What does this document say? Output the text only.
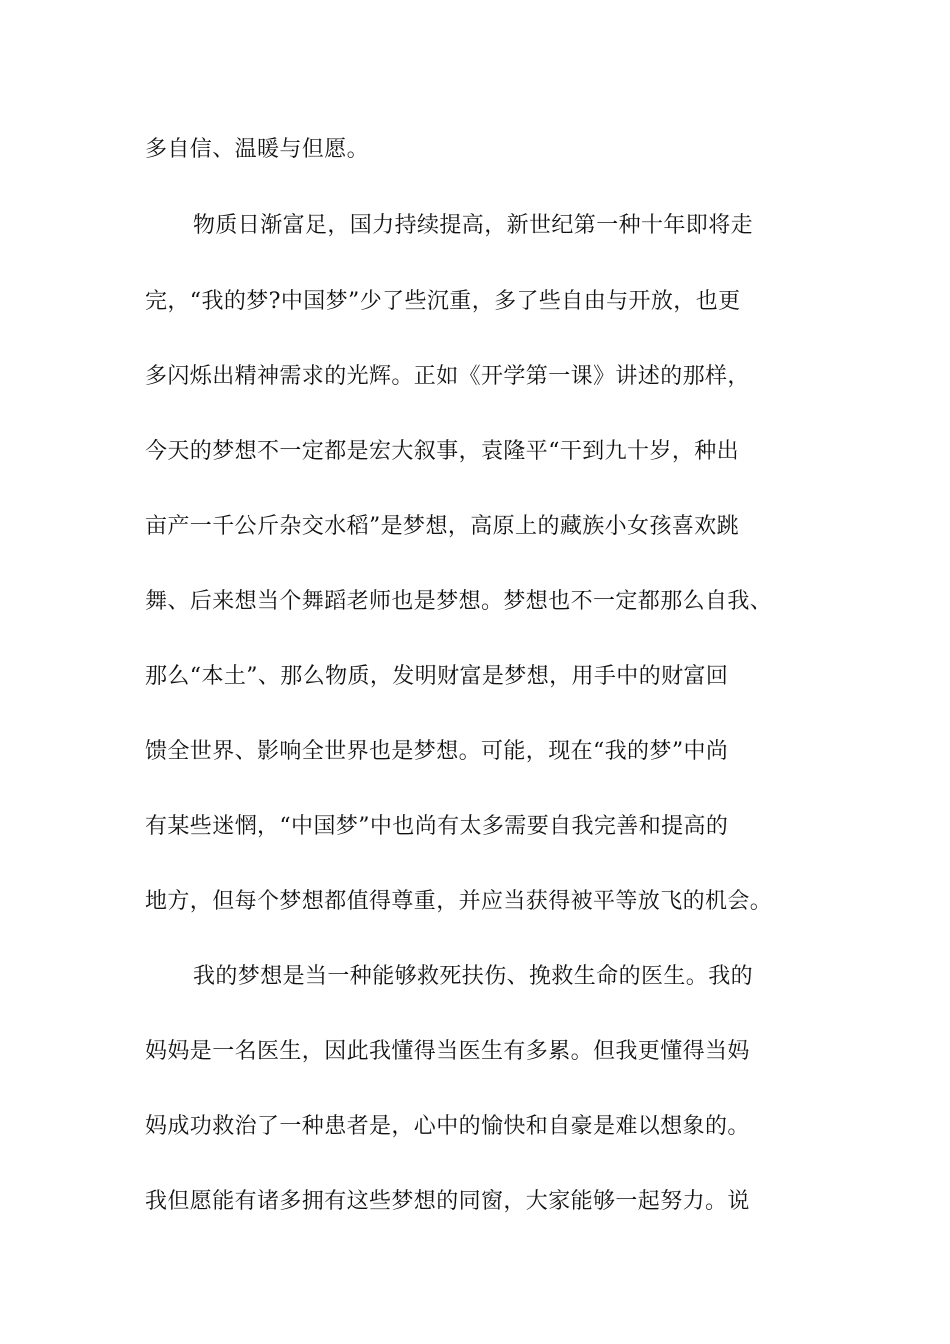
多自信、温暖与但愿。
物质日渐富足，国力持续提高，新世纪第一种十年即将走
完，“我的梦?中国梦”少了些沉重，多了些自由与开放，也更
多闪烁出精神需求的光辉。正如《开学第一课》讲述的那样，
今天的梦想不一定都是宏大叙事，袁隆平“干到九十岁，种出
亩产一千公斤杂交水稻”是梦想，高原上的藏族小女孩喜欢跳
舞、后来想当个舞蹈老师也是梦想。梦想也不一定都那么自我、
那么“本土”、那么物质，发明财富是梦想，用手中的财富回
馈全世界、影响全世界也是梦想。可能，现在“我的梦”中尚
有某些迷惘，“中国梦”中也尚有太多需要自我完善和提高的
地方，但每个梦想都值得尊重，并应当获得被平等放飞的机会。
我的梦想是当一种能够救死扶伤、挽救生命的医生。我的
妈妈是一名医生，因此我懂得当医生有多累。但我更懂得当妈
妈成功救治了一种患者是，心中的愉快和自豪是难以想象的。
我但愿能有诸多拥有这些梦想的同窗，大家能够一起努力。说
